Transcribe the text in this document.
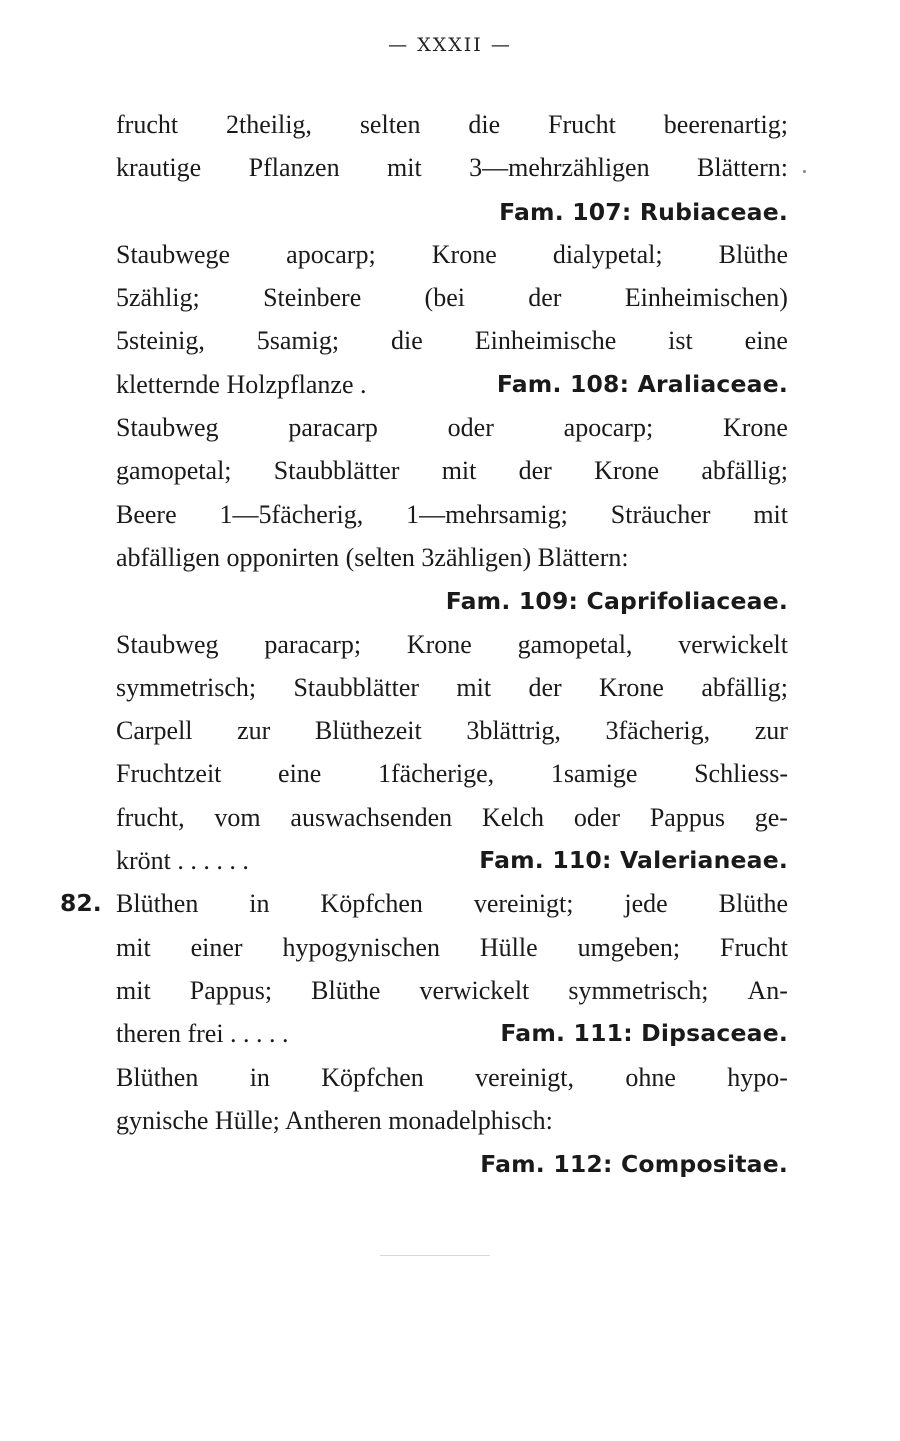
— XXXII —
frucht 2theilig, selten die Frucht beerenartig;
krautige Pflanzen mit 3—mehrzähligen Blättern:
Fam. 107: Rubiaceae.
Staubwege apocarp; Krone dialypetal; Blüthe
5zählig; Steinbere (bei der Einheimischen)
5steinig, 5samig; die Einheimische ist eine
kletternde Holzpflanze .	Fam. 108: Araliaceae.
Staubweg	paracarp	oder	apocarp;	Krone
gamopetal; Staubblätter mit der Krone abfällig;
Beere 1—5fächerig, 1—mehrsamig; Sträucher mit
abfälligen opponirten (selten 3zähligen) Blättern:
Fam. 109: Caprifoliaceae.
Staubweg paracarp; Krone gamopetal, verwickelt
symmetrisch; Staubblätter mit der Krone abfällig;
Carpell zur Blüthezeit 3blättrig, 3fächerig, zur
Fruchtzeit eine 1fächerige, 1samige Schliess-
frucht, vom auswachsenden Kelch oder Pappus ge-
krönt . . . . . .	Fam. 110: Valerianeae.
82. Blüthen in Köpfchen vereinigt; jede Blüthe
mit einer hypogynischen Hülle umgeben; Frucht
mit Pappus; Blüthe verwickelt symmetrisch; An-
theren frei . . . . .	Fam. 111: Dipsaceae.
Blüthen in Köpfchen vereinigt, ohne hypo-
gynische Hülle; Antheren monadelphisch:
Fam. 112: Compositae.
